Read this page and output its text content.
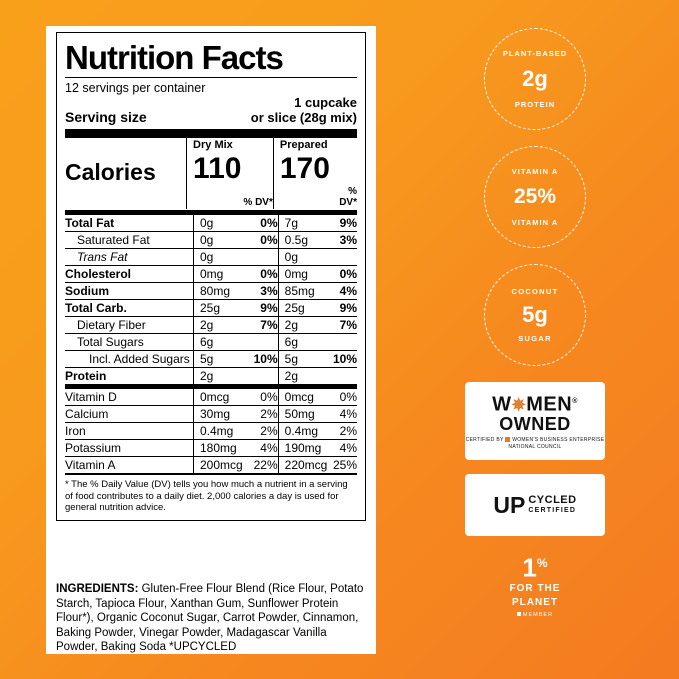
Nutrition Facts
12 servings per container
Serving size
1 cupcake
or slice (28g mix)
	Dry Mix		Prepared	
Calories	110		170	
		% DV*		% DV*
Total Fat	0g	0%	7g	9%
Saturated Fat	0g	0%	0.5g	3%
Trans Fat	0g		0g	
Cholesterol	0mg	0%	0mg	0%
Sodium	80mg	3%	85mg	4%
Total Carb.	25g	9%	25g	9%
Dietary Fiber	2g	7%	2g	7%
Total Sugars	6g		6g	
Incl. Added Sugars	5g	10%	5g	10%
Protein	2g		2g	
Vitamin D	0mcg	0%	0mcg	0%
Calcium	30mg	2%	50mg	4%
Iron	0.4mg	2%	0.4mg	2%
Potassium	180mg	4%	190mg	4%
Vitamin A	200mcg	22%	220mcg	25%
* The % Daily Value (DV) tells you how much a nutrient in a serving of food contributes to a daily diet. 2,000 calories a day is used for general nutrition advice.
INGREDIENTS: Gluten-Free Flour Blend (Rice Flour, Potato Starch, Tapioca Flour, Xanthan Gum, Sunflower Protein Flour*), Organic Coconut Sugar, Carrot Powder, Cinnamon, Baking Powder, Vinegar Powder, Madagascar Vanilla Powder, Baking Soda *UPCYCLED
PLANT-BASED
2g
PROTEIN
VITAMIN A
25%
VITAMIN A
COCONUT
5g
SUGAR
W✵MEN®
OWNED
CERTIFIED BY WOMEN'S BUSINESS ENTERPRISE NATIONAL COUNCIL
UP CYCLED
CERTIFIED
1%
FOR THE
PLANET
MEMBER
